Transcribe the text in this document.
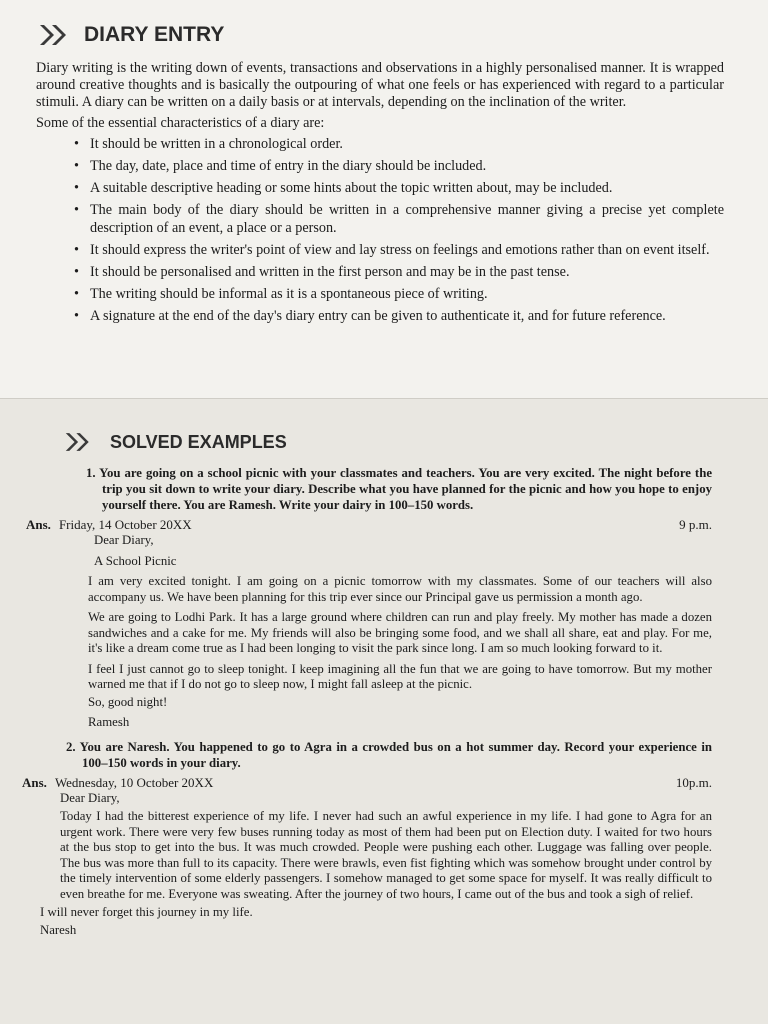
DIARY ENTRY

Diary writing is the writing down of events, transactions and observations in a highly personalised manner. It is wrapped around creative thoughts and is basically the outpouring of what one feels or has experienced with regard to a particular stimuli. A diary can be written on a daily basis or at intervals, depending on the inclination of the writer.

Some of the essential characteristics of a diary are:

• It should be written in a chronological order.
• The day, date, place and time of entry in the diary should be included.
• A suitable descriptive heading or some hints about the topic written about, may be included.
• The main body of the diary should be written in a comprehensive manner giving a precise yet complete description of an event, a place or a person.
• It should express the writer's point of view and lay stress on feelings and emotions rather than on event itself.
• It should be personalised and written in the first person and may be in the past tense.
• The writing should be informal as it is a spontaneous piece of writing.
• A signature at the end of the day's diary entry can be given to authenticate it, and for future reference.
SOLVED EXAMPLES

1. You are going on a school picnic with your classmates and teachers. You are very excited. The night before the trip you sit down to write your diary. Describe what you have planned for the picnic and how you hope to enjoy yourself there. You are Ramesh. Write your dairy in 100–150 words.

Ans. Friday, 14 October 20XX	9 p.m.

Dear Diary,

A School Picnic

I am very excited tonight. I am going on a picnic tomorrow with my classmates. Some of our teachers will also accompany us. We have been planning for this trip ever since our Principal gave us permission a month ago.

We are going to Lodhi Park. It has a large ground where children can run and play freely. My mother has made a dozen sandwiches and a cake for me. My friends will also be bringing some food, and we shall all share, eat and play. For me, it's like a dream come true as I had been longing to visit the park since long. I am so much looking forward to it.

I feel I just cannot go to sleep tonight. I keep imagining all the fun that we are going to have tomorrow. But my mother warned me that if I do not go to sleep now, I might fall asleep at the picnic.

So, good night!

Ramesh

2. You are Naresh. You happened to go to Agra in a crowded bus on a hot summer day. Record your experience in 100–150 words in your diary.

Ans. Wednesday, 10 October 20XX	10p.m.

Dear Diary,

Today I had the bitterest experience of my life. I never had such an awful experience in my life. I had gone to Agra for an urgent work. There were very few buses running today as most of them had been put on Election duty. I waited for two hours at the bus stop to get into the bus. It was much crowded. People were pushing each other. Luggage was falling over people. The bus was more than full to its capacity. There were brawls, even fist fighting which was somehow brought under control by the timely intervention of some elderly passengers. I somehow managed to get some space for myself. It was really difficult to even breathe for me. Everyone was sweating. After the journey of two hours, I came out of the bus and took a sigh of relief.

I will never forget this journey in my life.

Naresh
